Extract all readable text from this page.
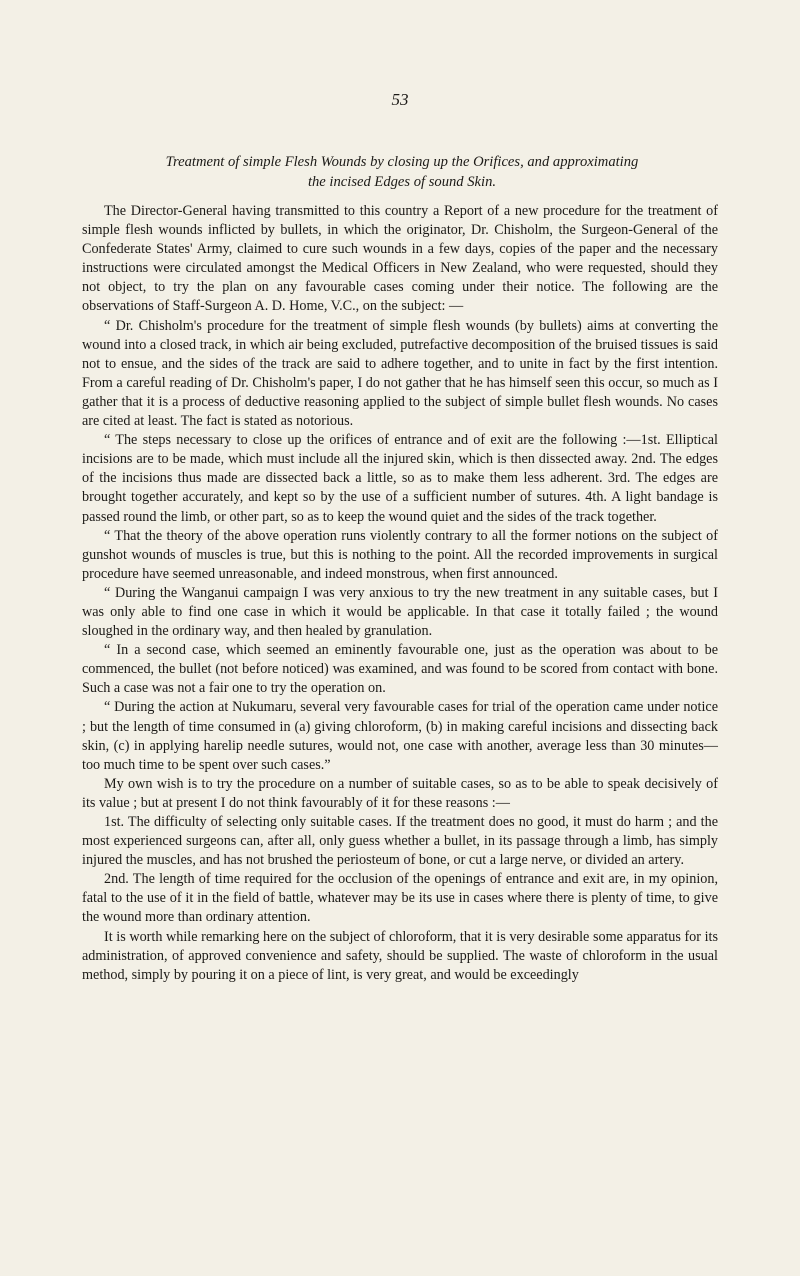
53
Treatment of simple Flesh Wounds by closing up the Orifices, and approximating
the incised Edges of sound Skin.

The Director-General having transmitted to this country a Report of a new procedure for the treatment of simple flesh wounds inflicted by bullets, in which the originator, Dr. Chisholm, the Surgeon-General of the Confederate States' Army, claimed to cure such wounds in a few days, copies of the paper and the necessary instructions were circulated amongst the Medical Officers in New Zealand, who were requested, should they not object, to try the plan on any favourable cases coming under their notice. The following are the observations of Staff-Surgeon A. D. Home, V.C., on the subject: —

“ Dr. Chisholm's procedure for the treatment of simple flesh wounds (by bullets) aims at converting the wound into a closed track, in which air being excluded, putrefactive decomposition of the bruised tissues is said not to ensue, and the sides of the track are said to adhere together, and to unite in fact by the first intention. From a careful reading of Dr. Chisholm's paper, I do not gather that he has himself seen this occur, so much as I gather that it is a process of deductive reasoning applied to the subject of simple bullet flesh wounds. No cases are cited at least. The fact is stated as notorious.

“ The steps necessary to close up the orifices of entrance and of exit are the following :—1st. Elliptical incisions are to be made, which must include all the injured skin, which is then dissected away. 2nd. The edges of the incisions thus made are dissected back a little, so as to make them less adherent. 3rd. The edges are brought together accurately, and kept so by the use of a sufficient number of sutures. 4th. A light bandage is passed round the limb, or other part, so as to keep the wound quiet and the sides of the track together.

“ That the theory of the above operation runs violently contrary to all the former notions on the subject of gunshot wounds of muscles is true, but this is nothing to the point. All the recorded improvements in surgical procedure have seemed unreasonable, and indeed monstrous, when first announced.

“ During the Wanganui campaign I was very anxious to try the new treatment in any suitable cases, but I was only able to find one case in which it would be applicable. In that case it totally failed ; the wound sloughed in the ordinary way, and then healed by granulation.

“ In a second case, which seemed an eminently favourable one, just as the operation was about to be commenced, the bullet (not before noticed) was examined, and was found to be scored from contact with bone. Such a case was not a fair one to try the operation on.

“ During the action at Nukumaru, several very favourable cases for trial of the operation came under notice ; but the length of time consumed in (a) giving chloroform, (b) in making careful incisions and dissecting back skin, (c) in applying harelip needle sutures, would not, one case with another, average less than 30 minutes—too much time to be spent over such cases.”

My own wish is to try the procedure on a number of suitable cases, so as to be able to speak decisively of its value ; but at present I do not think favourably of it for these reasons :—

1st. The difficulty of selecting only suitable cases. If the treatment does no good, it must do harm ; and the most experienced surgeons can, after all, only guess whether a bullet, in its passage through a limb, has simply injured the muscles, and has not brushed the periosteum of bone, or cut a large nerve, or divided an artery.

2nd. The length of time required for the occlusion of the openings of entrance and exit are, in my opinion, fatal to the use of it in the field of battle, whatever may be its use in cases where there is plenty of time, to give the wound more than ordinary attention.

It is worth while remarking here on the subject of chloroform, that it is very desirable some apparatus for its administration, of approved convenience and safety, should be supplied. The waste of chloroform in the usual method, simply by pouring it on a piece of lint, is very great, and would be exceedingly
